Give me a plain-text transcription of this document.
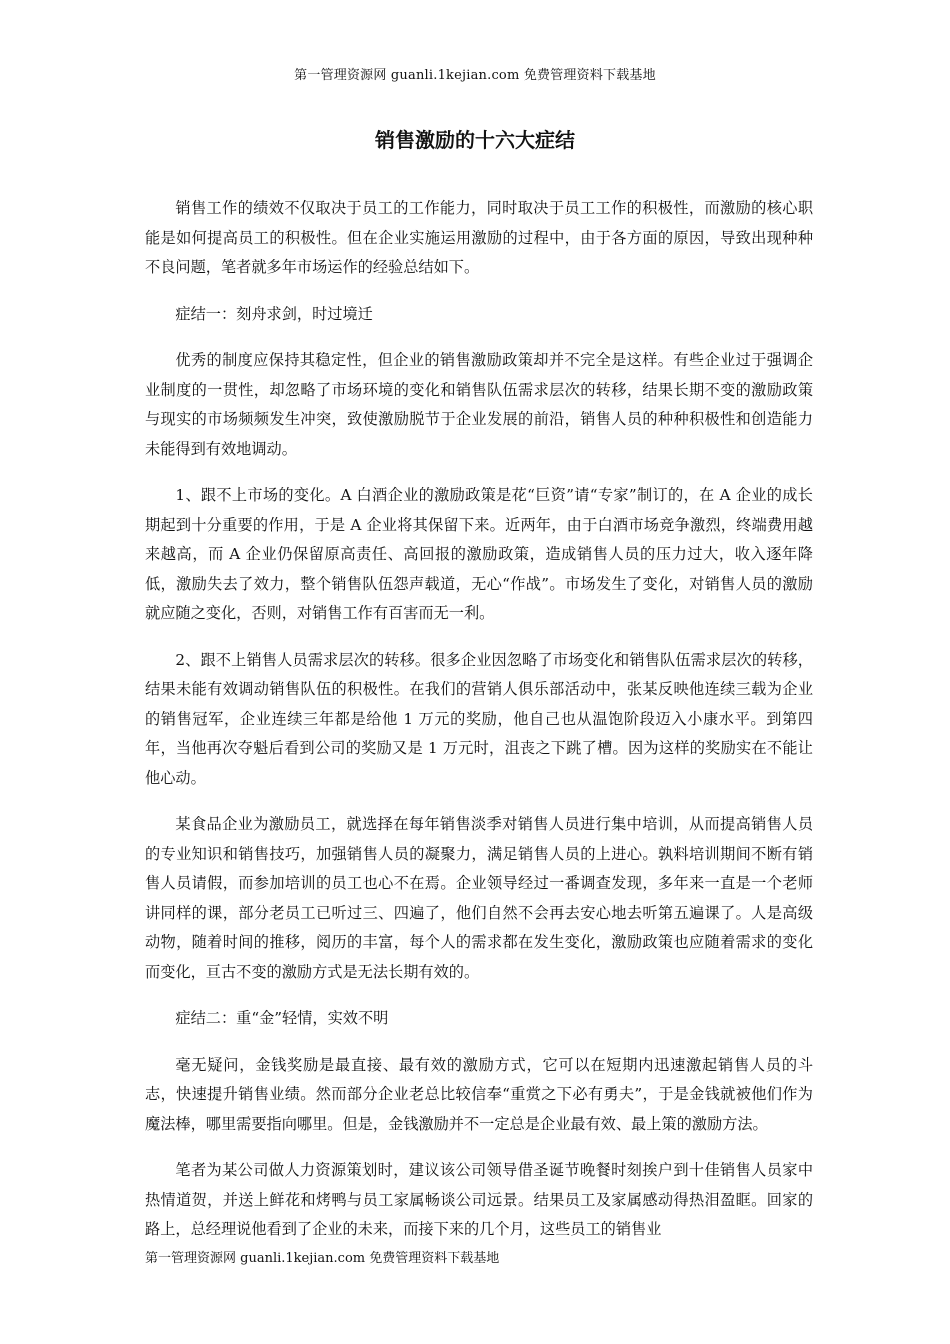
第一管理资源网 guanli.1kejian.com 免费管理资料下载基地
销售激励的十六大症结

销售工作的绩效不仅取决于员工的工作能力，同时取决于员工工作的积极性，而激励的核心职能是如何提高员工的积极性。但在企业实施运用激励的过程中，由于各方面的原因，导致出现种种不良问题，笔者就多年市场运作的经验总结如下。

症结一：刻舟求剑，时过境迁

优秀的制度应保持其稳定性，但企业的销售激励政策却并不完全是这样。有些企业过于强调企业制度的一贯性，却忽略了市场环境的变化和销售队伍需求层次的转移，结果长期不变的激励政策与现实的市场频频发生冲突，致使激励脱节于企业发展的前沿，销售人员的种种积极性和创造能力未能得到有效地调动。

1、跟不上市场的变化。A 白酒企业的激励政策是花“巨资”请“专家”制订的，在 A 企业的成长期起到十分重要的作用，于是 A 企业将其保留下来。近两年，由于白酒市场竞争激烈，终端费用越来越高，而 A 企业仍保留原高责任、高回报的激励政策，造成销售人员的压力过大，收入逐年降低，激励失去了效力，整个销售队伍怨声载道，无心“作战”。市场发生了变化，对销售人员的激励就应随之变化，否则，对销售工作有百害而无一利。

2、跟不上销售人员需求层次的转移。很多企业因忽略了市场变化和销售队伍需求层次的转移，结果未能有效调动销售队伍的积极性。在我们的营销人俱乐部活动中，张某反映他连续三载为企业的销售冠军，企业连续三年都是给他 1 万元的奖励，他自己也从温饱阶段迈入小康水平。到第四年，当他再次夺魁后看到公司的奖励又是 1 万元时，沮丧之下跳了槽。因为这样的奖励实在不能让他心动。

某食品企业为激励员工，就选择在每年销售淡季对销售人员进行集中培训，从而提高销售人员的专业知识和销售技巧，加强销售人员的凝聚力，满足销售人员的上进心。孰料培训期间不断有销售人员请假，而参加培训的员工也心不在焉。企业领导经过一番调查发现，多年来一直是一个老师讲同样的课，部分老员工已听过三、四遍了，他们自然不会再去安心地去听第五遍课了。人是高级动物，随着时间的推移，阅历的丰富，每个人的需求都在发生变化，激励政策也应随着需求的变化而变化，亘古不变的激励方式是无法长期有效的。

症结二：重“金”轻情，实效不明

毫无疑问，金钱奖励是最直接、最有效的激励方式，它可以在短期内迅速激起销售人员的斗志，快速提升销售业绩。然而部分企业老总比较信奉“重赏之下必有勇夫”，于是金钱就被他们作为魔法棒，哪里需要指向哪里。但是，金钱激励并不一定总是企业最有效、最上策的激励方法。

笔者为某公司做人力资源策划时，建议该公司领导借圣诞节晚餐时刻挨户到十佳销售人员家中热情道贺，并送上鲜花和烤鸭与员工家属畅谈公司远景。结果员工及家属感动得热泪盈眶。回家的路上，总经理说他看到了企业的未来，而接下来的几个月，这些员工的销售业

第一管理资源网 guanli.1kejian.com 免费管理资料下载基地
